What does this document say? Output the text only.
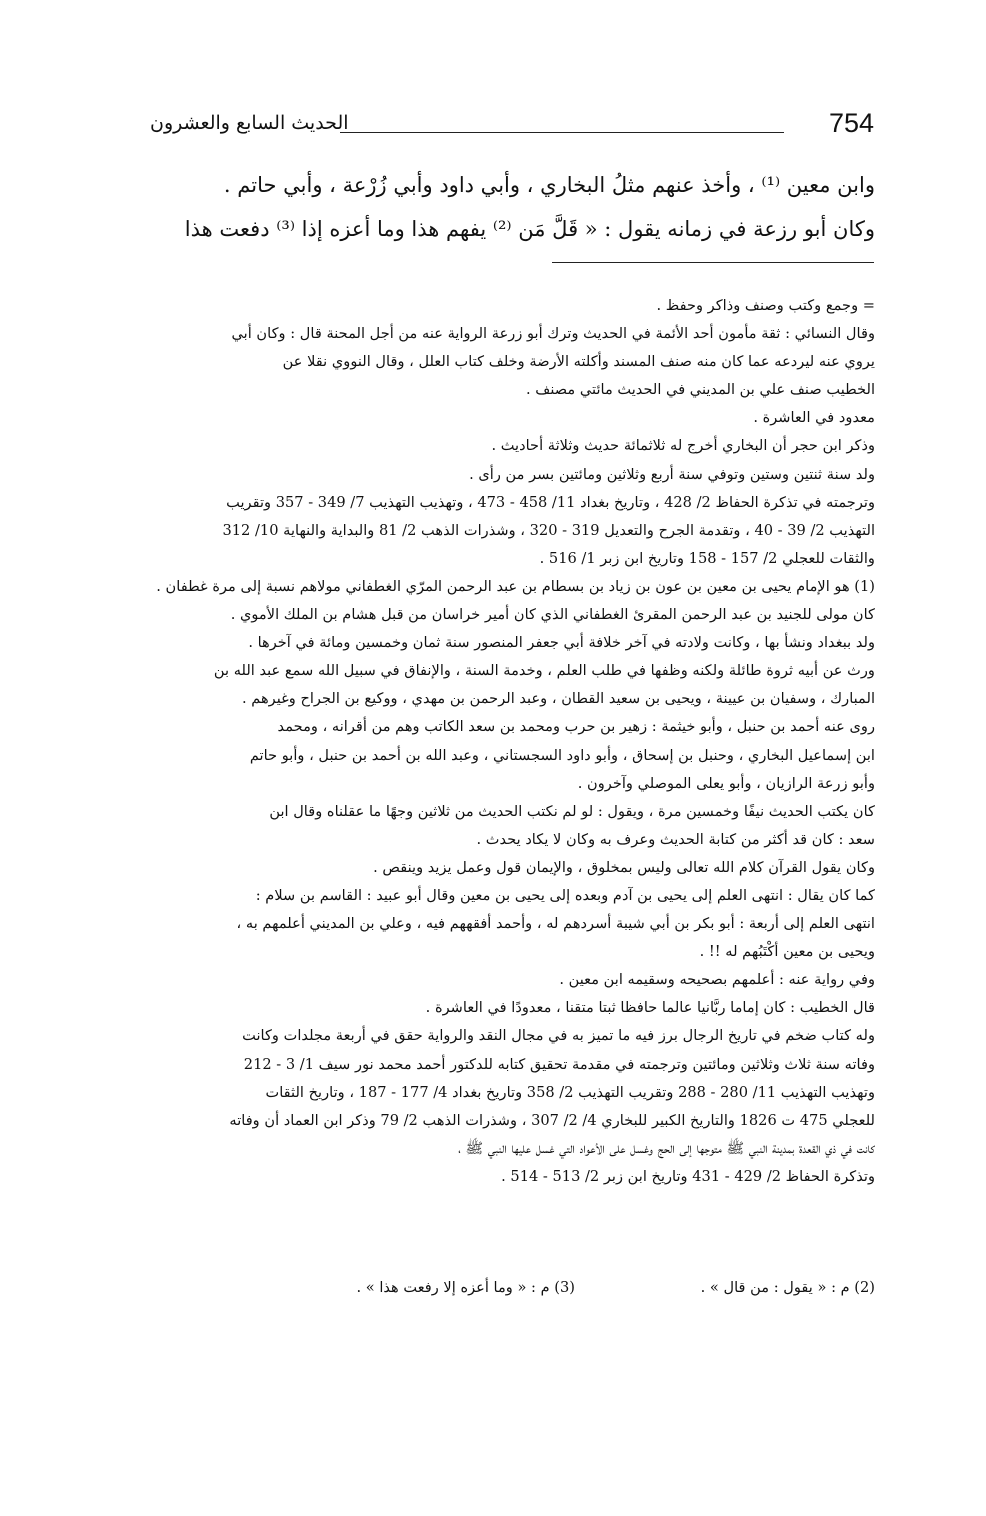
754
الحديث السابع والعشرون
وابن معين ⁽¹⁾ ، وأخذ عنهم مثلُ البخاري ، وأبي داود وأبي زُرْعة ، وأبي حاتم .
وكان أبو رزعة في زمانه يقول : « قَلَّ مَن ⁽²⁾ يفهم هذا وما أعزه إذا ⁽³⁾ دفعت هذا
= وجمع وكتب وصنف وذاكر وحفظ .
وقال النسائي : ثقة مأمون أحد الأئمة في الحديث وترك أبو زرعة الرواية عنه من أجل المحنة قال : وكان أبي
يروي عنه ليردعه عما كان منه صنف المسند وأكلته الأرضة وخلف كتاب العلل ، وقال النووي نقلا عن
الخطيب صنف علي بن المديني في الحديث مائتي مصنف .
معدود في العاشرة .
وذكر ابن حجر أن البخاري أخرج له ثلاثمائة حديث وثلاثة أحاديث .
ولد سنة ثنتين وستين وتوفي سنة أربع وثلاثين ومائتين بسر من رأى .
وترجمته في تذكرة الحفاظ 2/ 428 ، وتاريخ بغداد 11/ 458 - 473 ، وتهذيب التهذيب 7/ 349 - 357 وتقريب
التهذيب 2/ 39 - 40 ، وتقدمة الجرح والتعديل 319 - 320 ، وشذرات الذهب 2/ 81 والبداية والنهاية 10/ 312
والثقات للعجلي 2/ 157 - 158 وتاريخ ابن زبر 1/ 516 .
(1) هو الإمام يحيى بن معين بن عون بن زياد بن بسطام بن عبد الرحمن المرّي الغطفاني مولاهم نسبة إلى مرة غطفان .
كان مولى للجنيد بن عبد الرحمن المقرئ الغطفاني الذي كان أمير خراسان من قبل هشام بن الملك الأموي .
ولد ببغداد ونشأ بها ، وكانت ولادته في آخر خلافة أبي جعفر المنصور سنة ثمان وخمسين ومائة في آخرها .
ورث عن أبيه ثروة طائلة ولكنه وظفها في طلب العلم ، وخدمة السنة ، والإنفاق في سبيل الله سمع عبد الله بن
المبارك ، وسفيان بن عيينة ، ويحيى بن سعيد القطان ، وعبد الرحمن بن مهدي ، ووكيع بن الجراح وغيرهم .
روى عنه أحمد بن حنبل ، وأبو خيثمة : زهير بن حرب ومحمد بن سعد الكاتب وهم من أقرانه ، ومحمد
ابن إسماعيل البخاري ، وحنبل بن إسحاق ، وأبو داود السجستاني ، وعبد الله بن أحمد بن حنبل ، وأبو حاتم
وأبو زرعة الرازيان ، وأبو يعلى الموصلي وآخرون .
كان يكتب الحديث نيفًا وخمسين مرة ، ويقول : لو لم نكتب الحديث من ثلاثين وجهًا ما عقلناه وقال ابن
سعد : كان قد أكثر من كتابة الحديث وعرف به وكان لا يكاد يحدث .
وكان يقول القرآن كلام الله تعالى وليس بمخلوق ، والإيمان قول وعمل يزيد وينقص .
كما كان يقال : انتهى العلم إلى يحيى بن آدم وبعده إلى يحيى بن معين وقال أبو عبيد : القاسم بن سلام :
انتهى العلم إلى أربعة : أبو بكر بن أبي شيبة أسردهم له ، وأحمد أفقههم فيه ، وعلي بن المديني أعلمهم به ،
ويحيى بن معين أكْتَبُهم له !! .
وفي رواية عنه : أعلمهم بصحيحه وسقيمه ابن معين .
قال الخطيب : كان إماما ربَّانيا عالما حافظا ثبتا متقنا ، معدودًا في العاشرة .
وله كتاب ضخم في تاريخ الرجال برز فيه ما تميز به في مجال النقد والرواية حقق في أربعة مجلدات وكانت
وفاته سنة ثلاث وثلاثين ومائتين وترجمته في مقدمة تحقيق كتابه للدكتور أحمد محمد نور سيف 1/ 3 - 212
وتهذيب التهذيب 11/ 280 - 288 وتقريب التهذيب 2/ 358 وتاريخ بغداد 4/ 177 - 187 ، وتاريخ الثقات
للعجلي 475 ت 1826 والتاريخ الكبير للبخاري 4/ 2/ 307 ، وشذرات الذهب 2/ 79 وذكر ابن العماد أن وفاته
كانت في ذي القعدة بمدينة النبي ﷺ متوجها إلى الحج وغسل على الأعواد التي غسل عليها النبي ﷺ ،
وتذكرة الحفاظ 2/ 429 - 431 وتاريخ ابن زبر 2/ 513 - 514 .
(2) م : « يقول : من قال » .
(3) م : « وما أعزه إلا رفعت هذا » .
